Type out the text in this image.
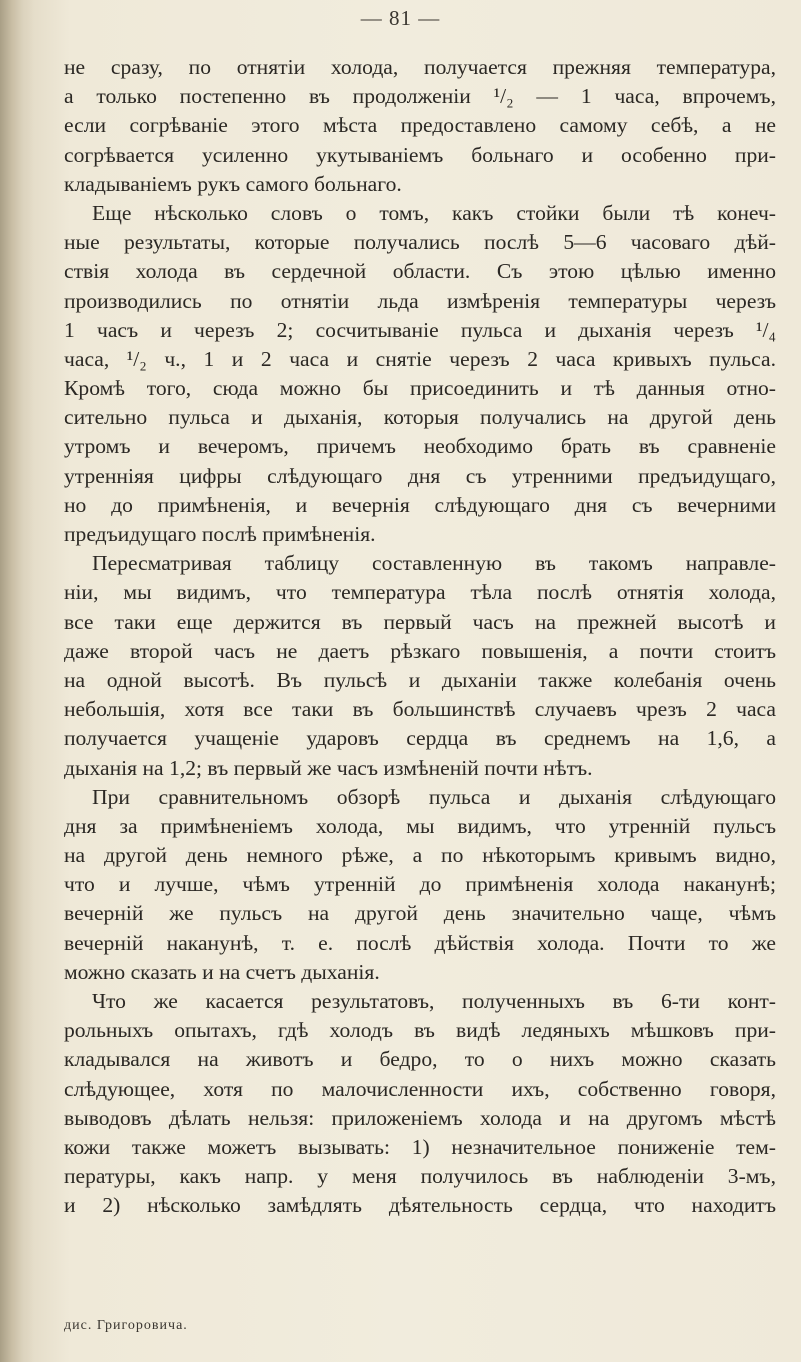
— 81 —
не сразу, по отнятіи холода, получается прежняя температура,
а только постепенно въ продолженіи ¹/₂ — 1 часа, впрочемъ,
если согрѣваніе этого мѣста предоставлено самому себѣ, а не
согрѣвается усиленно укутываніемъ больнаго и особенно при-
кладываніемъ рукъ самого больнаго.
Еще нѣсколько словъ о томъ, какъ стойки были тѣ конеч-
ные результаты, которые получались послѣ 5—6 часоваго дѣй-
ствія холода въ сердечной области. Съ этою цѣлью именно
производились по отнятіи льда измѣренія температуры черезъ
1 часъ и черезъ 2; сосчитываніе пульса и дыханія черезъ ¹/₄
часа, ¹/₂ ч., 1 и 2 часа и снятіе черезъ 2 часа кривыхъ пульса.
Кромѣ того, сюда можно бы присоединить и тѣ данныя отно-
сительно пульса и дыханія, которыя получались на другой день
утромъ и вечеромъ, причемъ необходимо брать въ сравненіе
утренніяя цифры слѣдующаго дня съ утренними предъидущаго,
но до примѣненія, и вечернія слѣдующаго дня съ вечерними
предъидущаго послѣ примѣненія.
Пересматривая таблицу составленную въ такомъ направле-
ніи, мы видимъ, что температура тѣла послѣ отнятія холода,
все таки еще держится въ первый часъ на прежней высотѣ и
даже второй часъ не даетъ рѣзкаго повышенія, а почти стоитъ
на одной высотѣ. Въ пульсѣ и дыханіи также колебанія очень
небольшія, хотя все таки въ большинствѣ случаевъ чрезъ 2 часа
получается учащеніе ударовъ сердца въ среднемъ на 1,6, а
дыханія на 1,2; въ первый же часъ измѣненій почти нѣтъ.
При сравнительномъ обзорѣ пульса и дыханія слѣдующаго
дня за примѣненіемъ холода, мы видимъ, что утренній пульсъ
на другой день немного рѣже, а по нѣкоторымъ кривымъ видно,
что и лучше, чѣмъ утренній до примѣненія холода наканунѣ;
вечерній же пульсъ на другой день значительно чаще, чѣмъ
вечерній наканунѣ, т. е. послѣ дѣйствія холода. Почти то же
можно сказать и на счетъ дыханія.
Что же касается результатовъ, полученныхъ въ 6-ти конт-
рольныхъ опытахъ, гдѣ холодъ въ видѣ ледяныхъ мѣшковъ при-
кладывался на животъ и бедро, то о нихъ можно сказать
слѣдующее, хотя по малочисленности ихъ, собственно говоря,
выводовъ дѣлать нельзя: приложеніемъ холода и на другомъ мѣстѣ
кожи также можетъ вызывать: 1) незначительное пониженіе тем-
пературы, какъ напр. у меня получилось въ наблюденіи 3-мъ,
и 2) нѣсколько замѣдлять дѣятельность сердца, что находитъ
дис. Григоровича.
